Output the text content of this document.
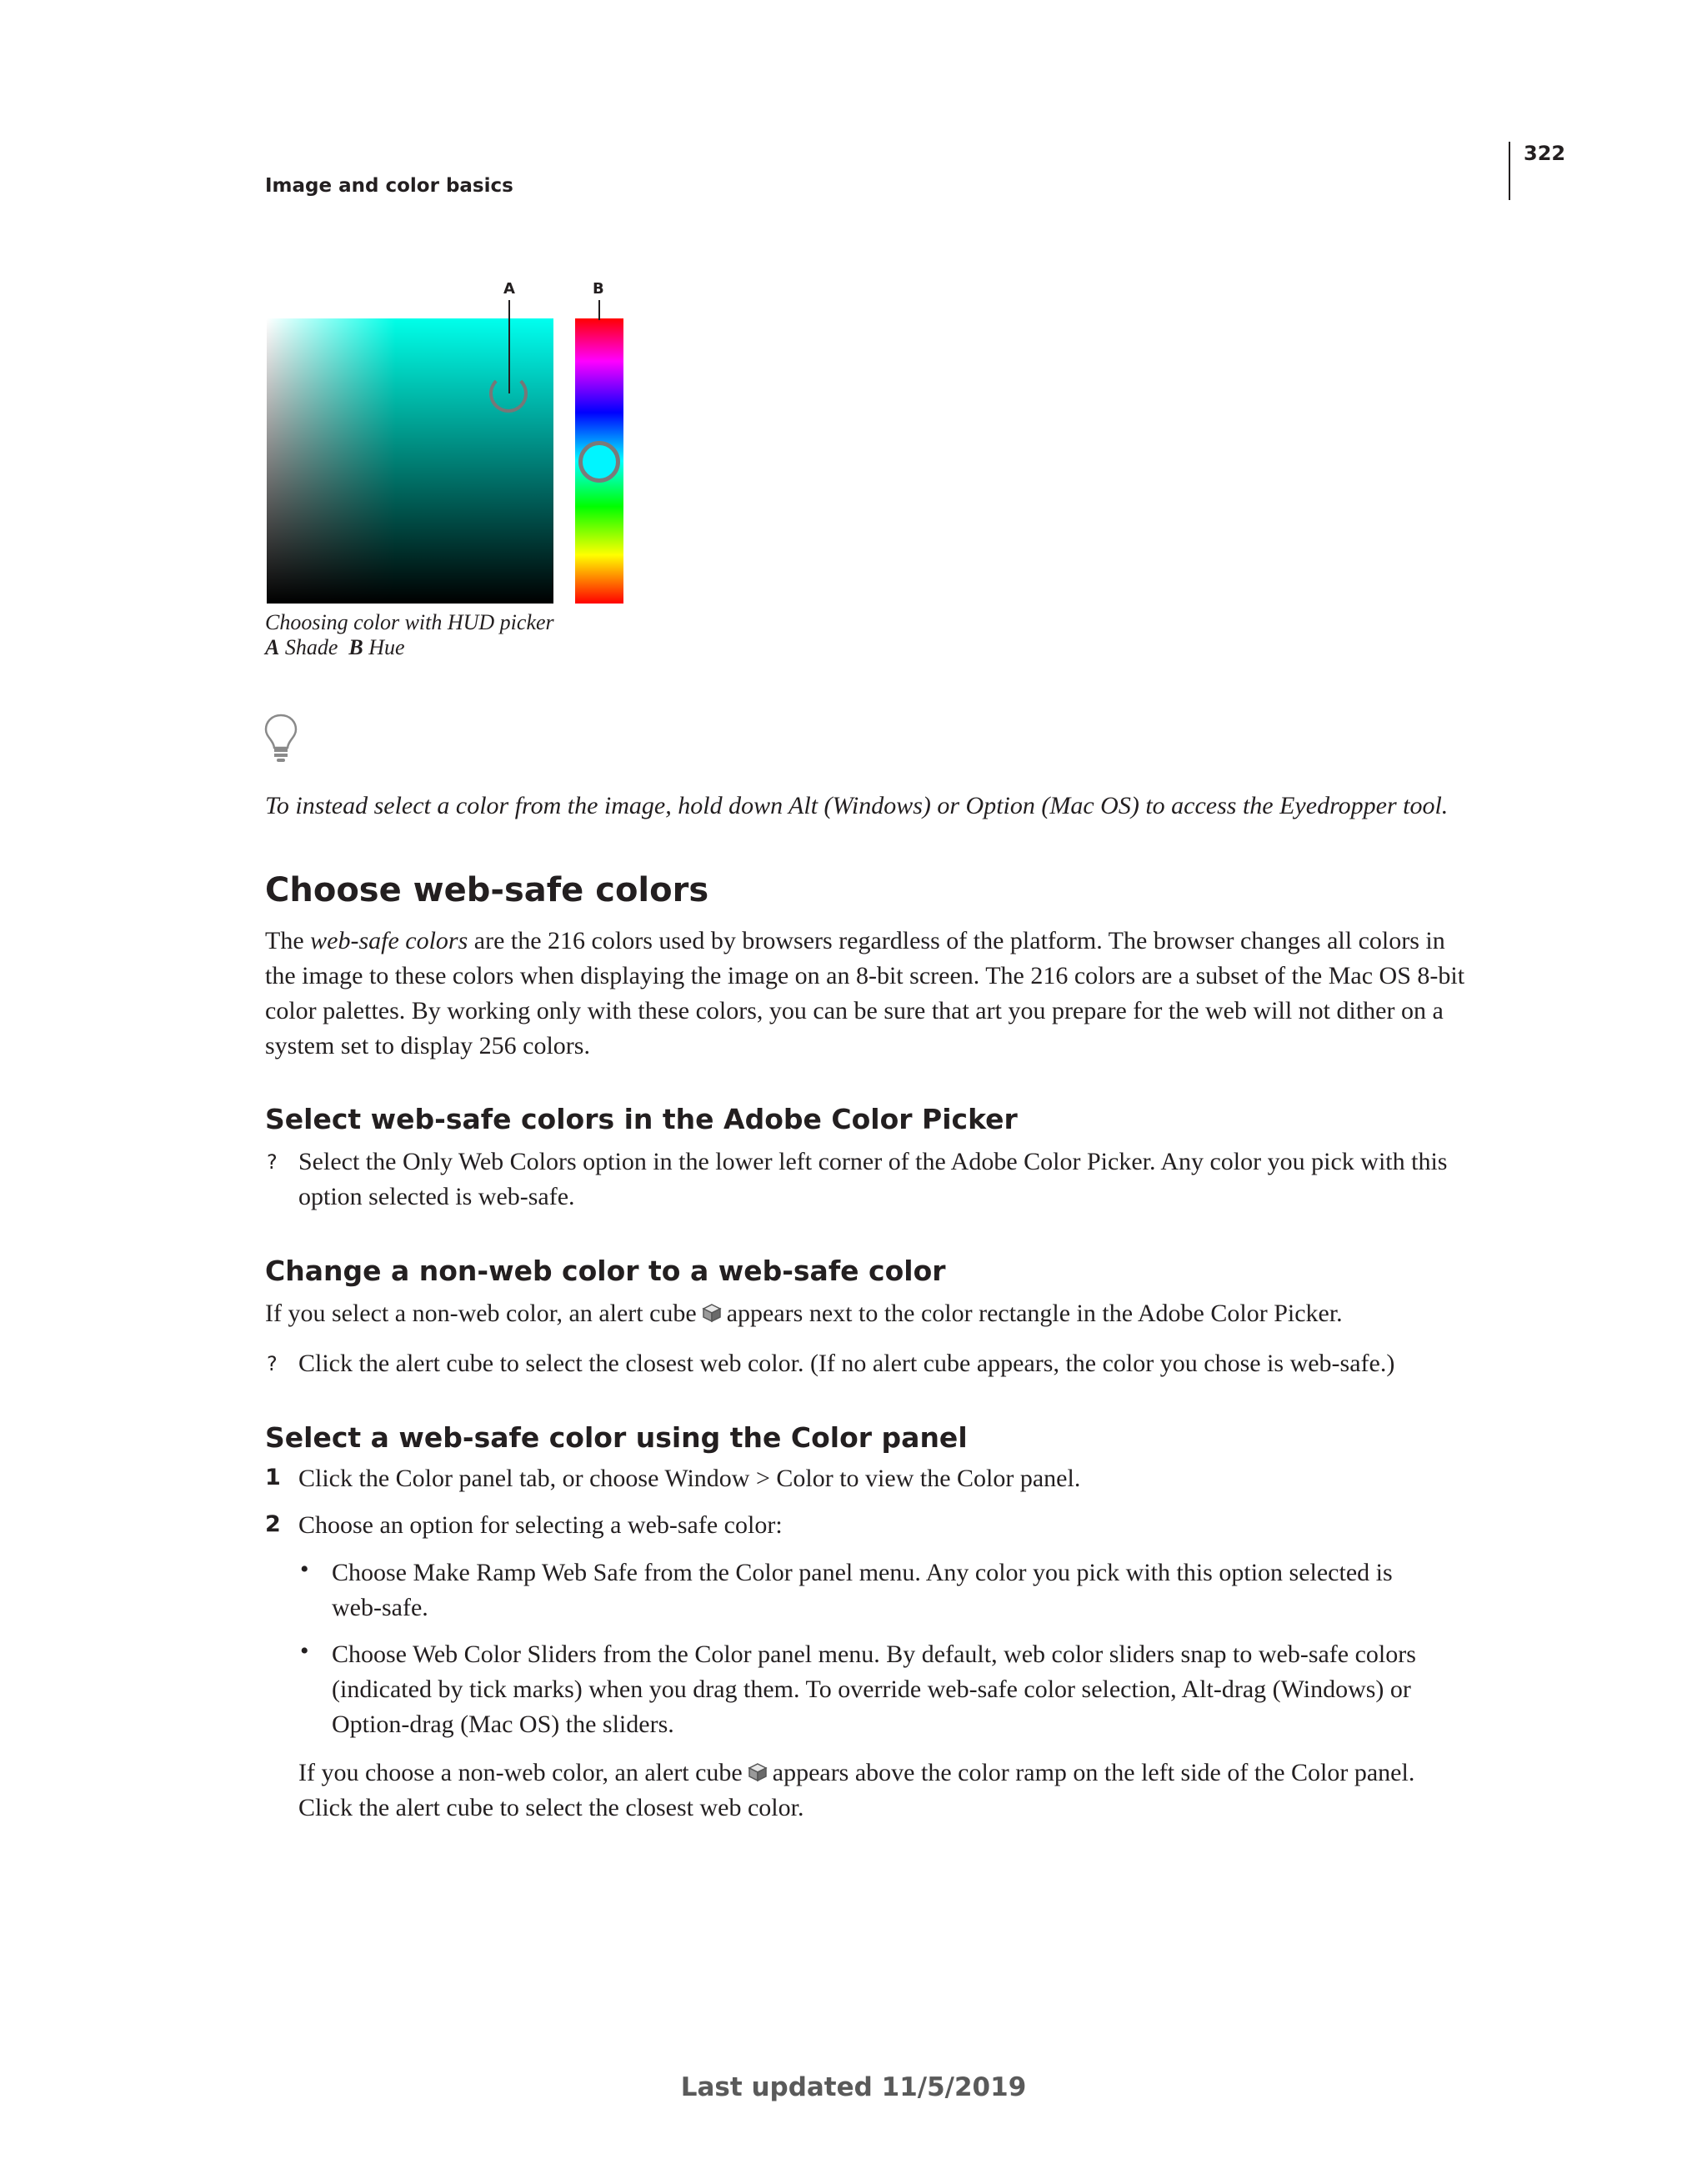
322
Image and color basics
A	B
Choosing color with HUD picker
A Shade B Hue
To instead select a color from the image, hold down Alt (Windows) or Option (Mac OS) to access the Eyedropper tool.
Choose web-safe colors
The web-safe colors are the 216 colors used by browsers regardless of the platform. The browser changes all colors in
the image to these colors when displaying the image on an 8-bit screen. The 216 colors are a subset of the Mac OS 8-bit
color palettes. By working only with these colors, you can be sure that art you prepare for the web will not dither on a
system set to display 256 colors.
Select web-safe colors in the Adobe Color Picker
? Select the Only Web Colors option in the lower left corner of the Adobe Color Picker. Any color you pick with this
option selected is web-safe.
Change a non-web color to a web-safe color
If you select a non-web color, an alert cube appears next to the color rectangle in the Adobe Color Picker.
? Click the alert cube to select the closest web color. (If no alert cube appears, the color you chose is web-safe.)
Select a web-safe color using the Color panel
1 Click the Color panel tab, or choose Window > Color to view the Color panel.
2 Choose an option for selecting a web-safe color:
• Choose Make Ramp Web Safe from the Color panel menu. Any color you pick with this option selected is
web-safe.
• Choose Web Color Sliders from the Color panel menu. By default, web color sliders snap to web-safe colors
(indicated by tick marks) when you drag them. To override web-safe color selection, Alt-drag (Windows) or
Option-drag (Mac OS) the sliders.
If you choose a non-web color, an alert cube appears above the color ramp on the left side of the Color panel.
Click the alert cube to select the closest web color.
Last updated 11/5/2019
